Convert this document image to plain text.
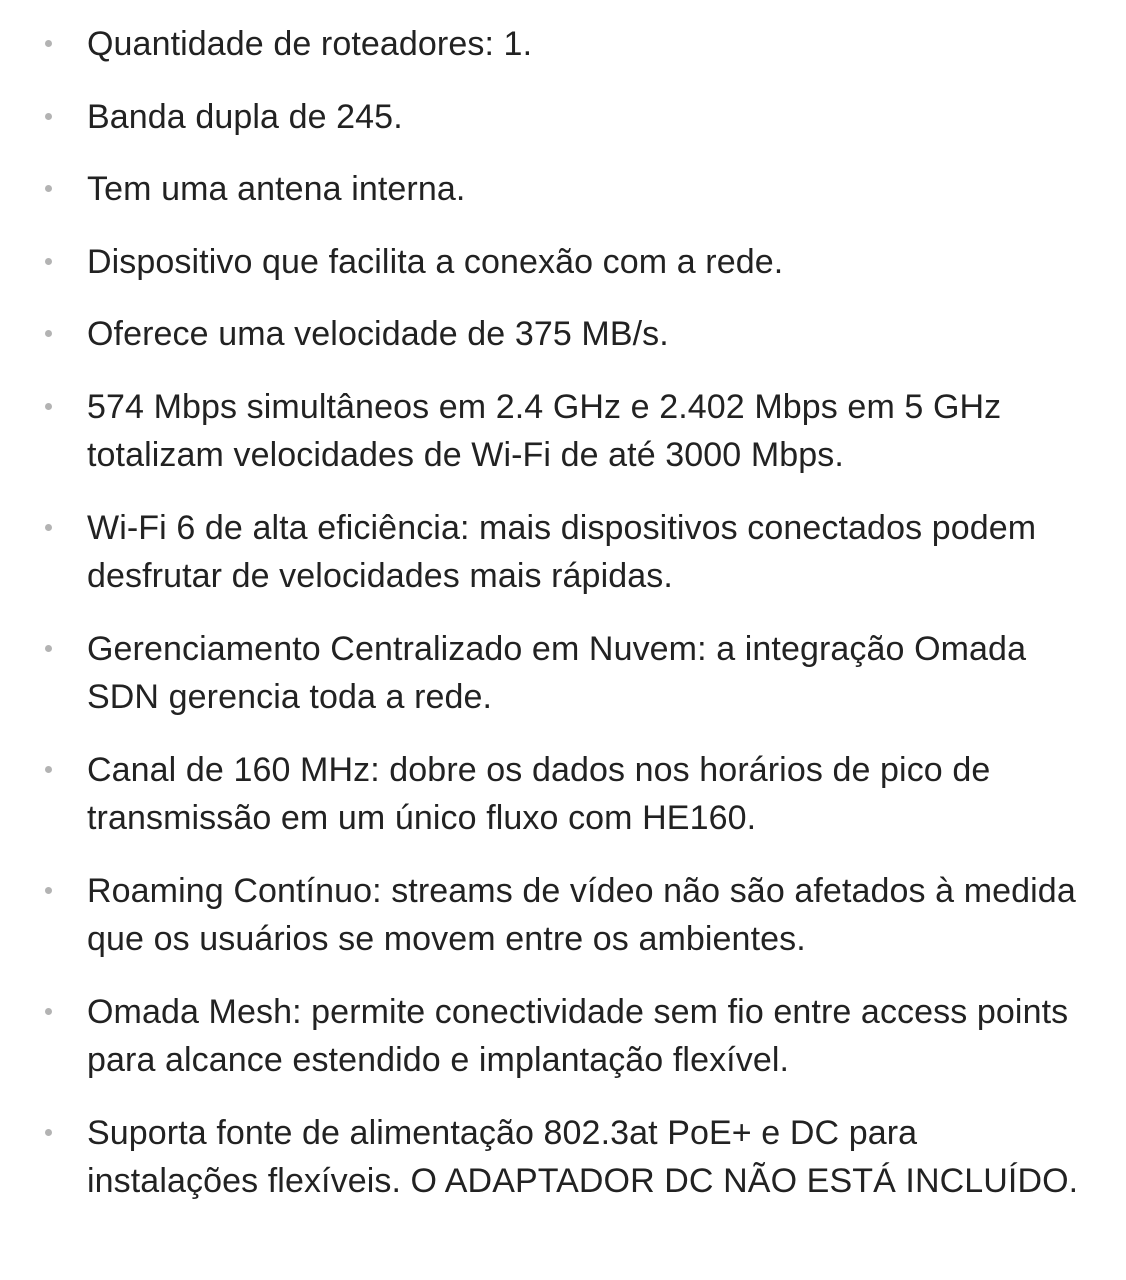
Quantidade de roteadores: 1.
Banda dupla de 245.
Tem uma antena interna.
Dispositivo que facilita a conexão com a rede.
Oferece uma velocidade de 375 MB/s.
574 Mbps simultâneos em 2.4 GHz e 2.402 Mbps em 5 GHz totalizam velocidades de Wi-Fi de até 3000 Mbps.
Wi-Fi 6 de alta eficiência: mais dispositivos conectados podem desfrutar de velocidades mais rápidas.
Gerenciamento Centralizado em Nuvem: a integração Omada SDN gerencia toda a rede.
Canal de 160 MHz: dobre os dados nos horários de pico de transmissão em um único fluxo com HE160.
Roaming Contínuo: streams de vídeo não são afetados à medida que os usuários se movem entre os ambientes.
Omada Mesh: permite conectividade sem fio entre access points para alcance estendido e implantação flexível.
Suporta fonte de alimentação 802.3at PoE+ e DC para instalações flexíveis. O ADAPTADOR DC NÃO ESTÁ INCLUÍDO.
